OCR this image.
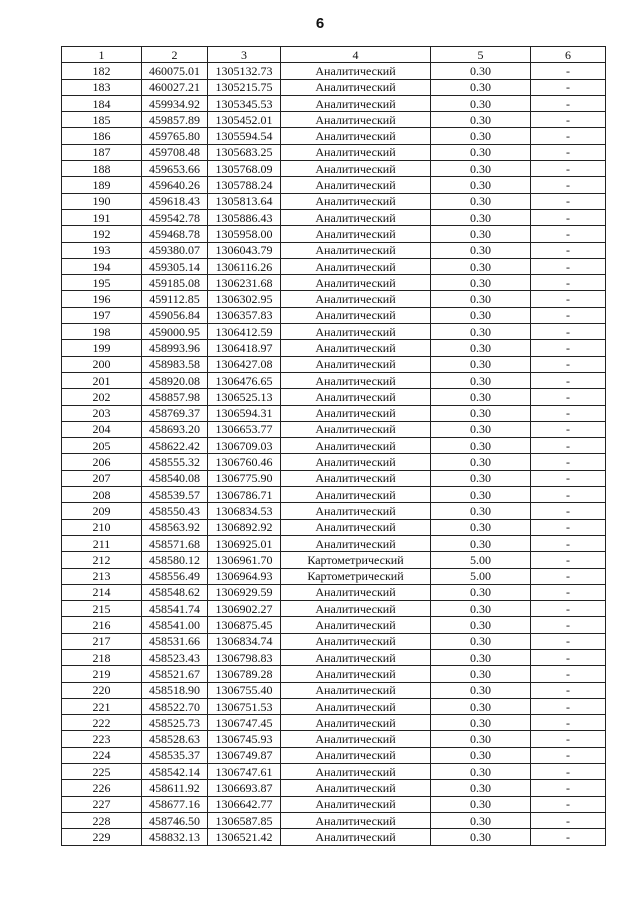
6
1	2	3	4	5	6
182	460075.01	1305132.73	Аналитический	0.30	-
183	460027.21	1305215.75	Аналитический	0.30	-
184	459934.92	1305345.53	Аналитический	0.30	-
185	459857.89	1305452.01	Аналитический	0.30	-
186	459765.80	1305594.54	Аналитический	0.30	-
187	459708.48	1305683.25	Аналитический	0.30	-
188	459653.66	1305768.09	Аналитический	0.30	-
189	459640.26	1305788.24	Аналитический	0.30	-
190	459618.43	1305813.64	Аналитический	0.30	-
191	459542.78	1305886.43	Аналитический	0.30	-
192	459468.78	1305958.00	Аналитический	0.30	-
193	459380.07	1306043.79	Аналитический	0.30	-
194	459305.14	1306116.26	Аналитический	0.30	-
195	459185.08	1306231.68	Аналитический	0.30	-
196	459112.85	1306302.95	Аналитический	0.30	-
197	459056.84	1306357.83	Аналитический	0.30	-
198	459000.95	1306412.59	Аналитический	0.30	-
199	458993.96	1306418.97	Аналитический	0.30	-
200	458983.58	1306427.08	Аналитический	0.30	-
201	458920.08	1306476.65	Аналитический	0.30	-
202	458857.98	1306525.13	Аналитический	0.30	-
203	458769.37	1306594.31	Аналитический	0.30	-
204	458693.20	1306653.77	Аналитический	0.30	-
205	458622.42	1306709.03	Аналитический	0.30	-
206	458555.32	1306760.46	Аналитический	0.30	-
207	458540.08	1306775.90	Аналитический	0.30	-
208	458539.57	1306786.71	Аналитический	0.30	-
209	458550.43	1306834.53	Аналитический	0.30	-
210	458563.92	1306892.92	Аналитический	0.30	-
211	458571.68	1306925.01	Аналитический	0.30	-
212	458580.12	1306961.70	Картометрический	5.00	-
213	458556.49	1306964.93	Картометрический	5.00	-
214	458548.62	1306929.59	Аналитический	0.30	-
215	458541.74	1306902.27	Аналитический	0.30	-
216	458541.00	1306875.45	Аналитический	0.30	-
217	458531.66	1306834.74	Аналитический	0.30	-
218	458523.43	1306798.83	Аналитический	0.30	-
219	458521.67	1306789.28	Аналитический	0.30	-
220	458518.90	1306755.40	Аналитический	0.30	-
221	458522.70	1306751.53	Аналитический	0.30	-
222	458525.73	1306747.45	Аналитический	0.30	-
223	458528.63	1306745.93	Аналитический	0.30	-
224	458535.37	1306749.87	Аналитический	0.30	-
225	458542.14	1306747.61	Аналитический	0.30	-
226	458611.92	1306693.87	Аналитический	0.30	-
227	458677.16	1306642.77	Аналитический	0.30	-
228	458746.50	1306587.85	Аналитический	0.30	-
229	458832.13	1306521.42	Аналитический	0.30	-
